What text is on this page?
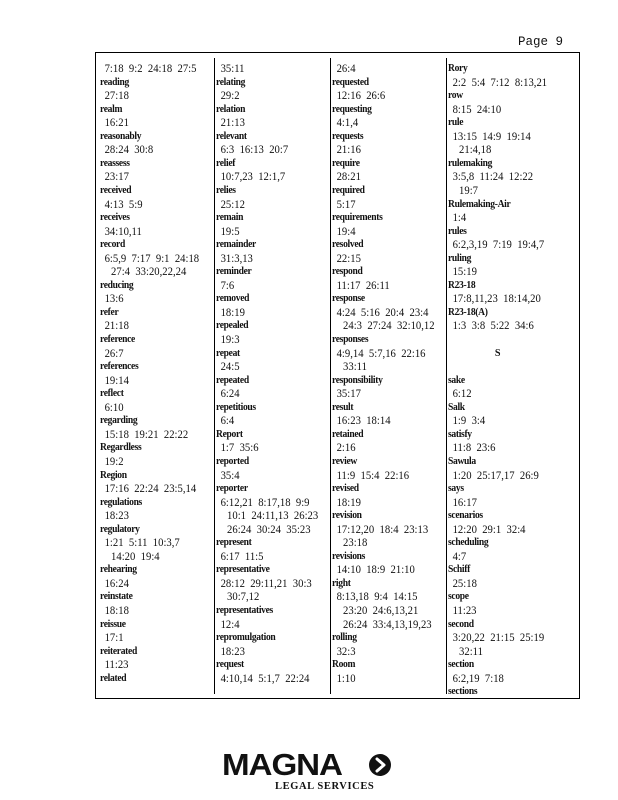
Page 9
7:18  9:2  24:18  27:5
reading
27:18
realm
16:21
reasonably
28:24  30:8
reassess
23:17
received
4:13  5:9
receives
34:10,11
record
6:5,9  7:17  9:1  24:18
27:4  33:20,22,24
reducing
13:6
refer
21:18
reference
26:7
references
19:14
reflect
6:10
regarding
15:18  19:21  22:22
Regardless
19:2
Region
17:16  22:24  23:5,14
regulations
18:23
regulatory
1:21  5:11  10:3,7
14:20  19:4
rehearing
16:24
reinstate
18:18
reissue
17:1
reiterated
11:23
related
35:11
relating
29:2
relation
21:13
relevant
6:3  16:13  20:7
relief
10:7,23  12:1,7
relies
25:12
remain
19:5
remainder
31:3,13
reminder
7:6
removed
18:19
repealed
19:3
repeat
24:5
repeated
6:24
repetitious
6:4
Report
1:7  35:6
reported
35:4
reporter
6:12,21  8:17,18  9:9
10:1  24:11,13  26:23
26:24  30:24  35:23
represent
6:17  11:5
representative
28:12  29:11,21  30:3
30:7,12
representatives
12:4
repromulgation
18:23
request
4:10,14  5:1,7  22:24
26:4
requested
12:16  26:6
requesting
4:1,4
requests
21:16
require
28:21
required
5:17
requirements
19:4
resolved
22:15
respond
11:17  26:11
response
4:24  5:16  20:4  23:4
24:3  27:24  32:10,12
responses
4:9,14  5:7,16  22:16
33:11
responsibility
35:17
result
16:23  18:14
retained
2:16
review
11:9  15:4  22:16
revised
18:19
revision
17:12,20  18:4  23:13
23:18
revisions
14:10  18:9  21:10
right
8:13,18  9:4  14:15
23:20  24:6,13,21
26:24  33:4,13,19,23
rolling
32:3
Room
1:10
Rory
2:2  5:4  7:12  8:13,21
row
8:15  24:10
rule
13:15  14:9  19:14
21:4,18
rulemaking
3:5,8  11:24  12:22
19:7
Rulemaking-Air
1:4
rules
6:2,3,19  7:19  19:4,7
ruling
15:19
R23-18
17:8,11,23  18:14,20
R23-18(A)
1:3  3:8  5:22  34:6
S
sake
6:12
Salk
1:9  3:4
satisfy
11:8  23:6
Sawula
1:20  25:17,17  26:9
says
16:17
scenarios
12:20  29:1  32:4
scheduling
4:7
Schiff
25:18
scope
11:23
second
3:20,22  21:15  25:19
32:11
section
6:2,19  7:18
sections
MAGNA
LEGAL SERVICES
